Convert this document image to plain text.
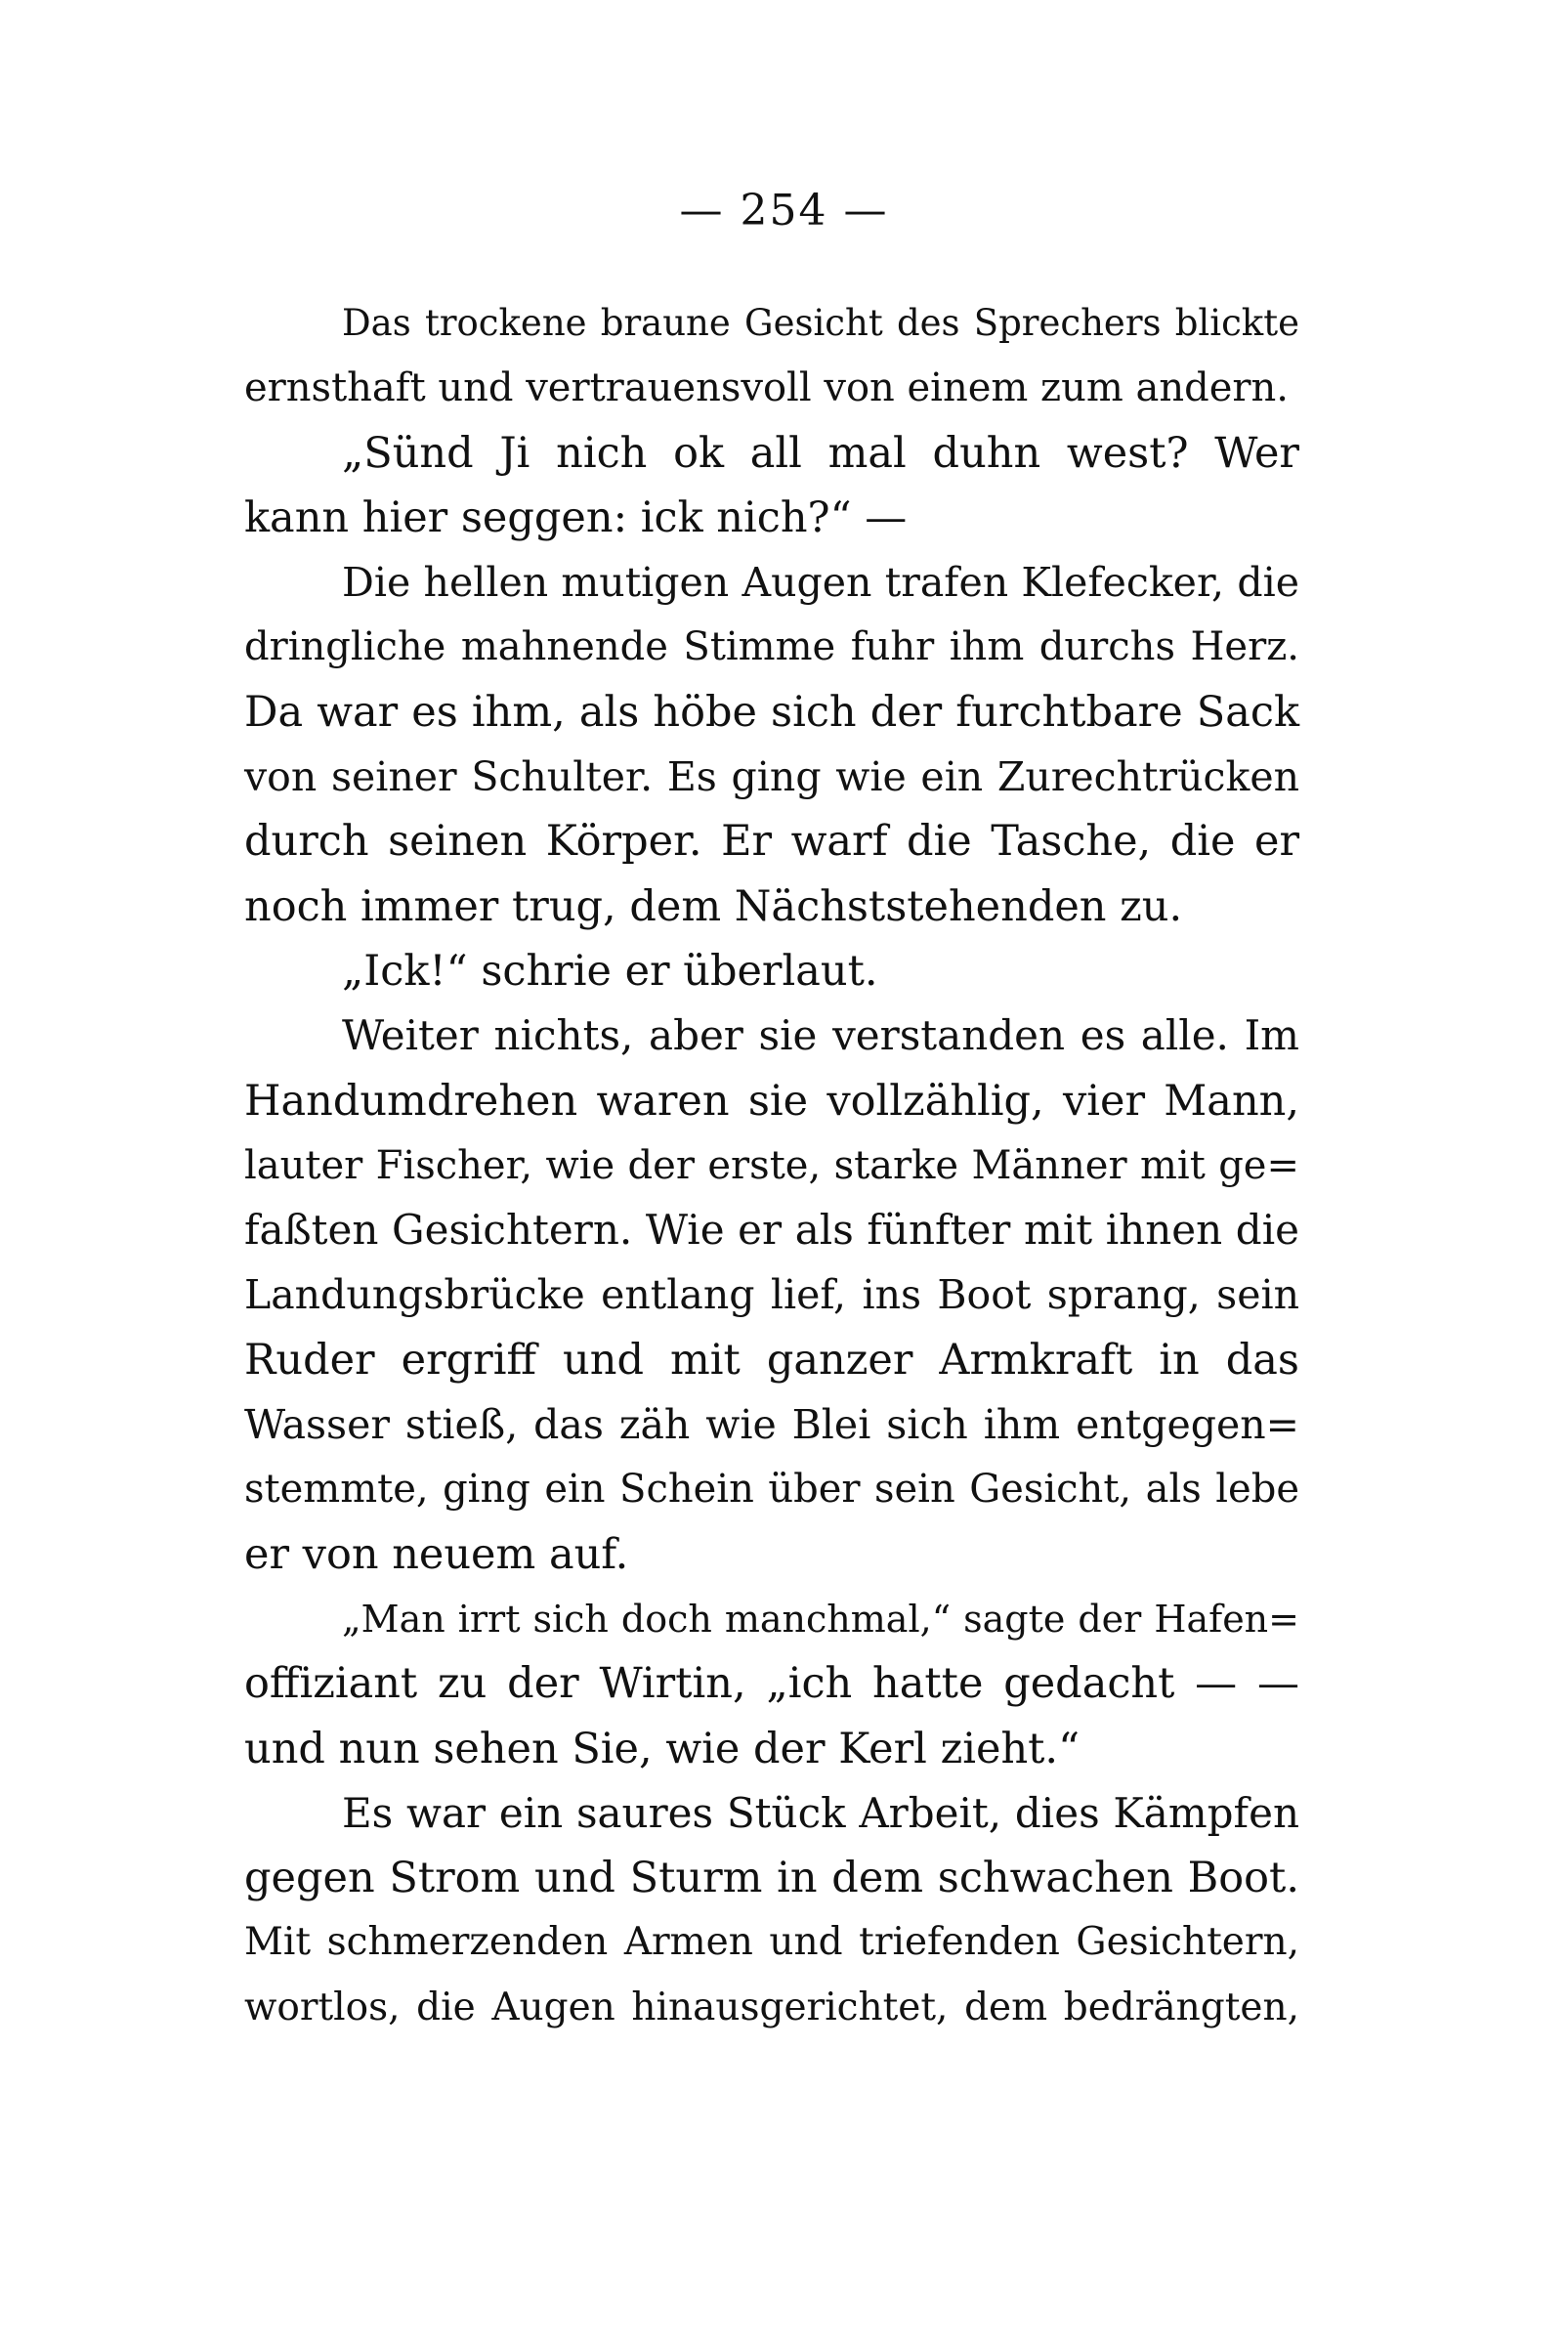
— 254 —
Das trockene braune Gesicht des Sprechers blickte
ernsthaft und vertrauensvoll von einem zum andern.
„Sünd Ji nich ok all mal duhn west? Wer
kann hier seggen: ick nich?“ —
Die hellen mutigen Augen trafen Klefecker, die
dringliche mahnende Stimme fuhr ihm durchs Herz.
Da war es ihm, als höbe sich der furchtbare Sack
von seiner Schulter. Es ging wie ein Zurechtrücken
durch seinen Körper. Er warf die Tasche, die er
noch immer trug, dem Nächststehenden zu.
„Ick!“ schrie er überlaut.
Weiter nichts, aber sie verstanden es alle. Im
Handumdrehen waren sie vollzählig, vier Mann,
lauter Fischer, wie der erste, starke Männer mit ge=
faßten Gesichtern. Wie er als fünfter mit ihnen die
Landungsbrücke entlang lief, ins Boot sprang, sein
Ruder ergriff und mit ganzer Armkraft in das
Wasser stieß, das zäh wie Blei sich ihm entgegen=
stemmte, ging ein Schein über sein Gesicht, als lebe
er von neuem auf.
„Man irrt sich doch manchmal,“ sagte der Hafen=
offiziant zu der Wirtin, „ich hatte gedacht — —
und nun sehen Sie, wie der Kerl zieht.“
Es war ein saures Stück Arbeit, dies Kämpfen
gegen Strom und Sturm in dem schwachen Boot.
Mit schmerzenden Armen und triefenden Gesichtern,
wortlos, die Augen hinausgerichtet, dem bedrängten,
